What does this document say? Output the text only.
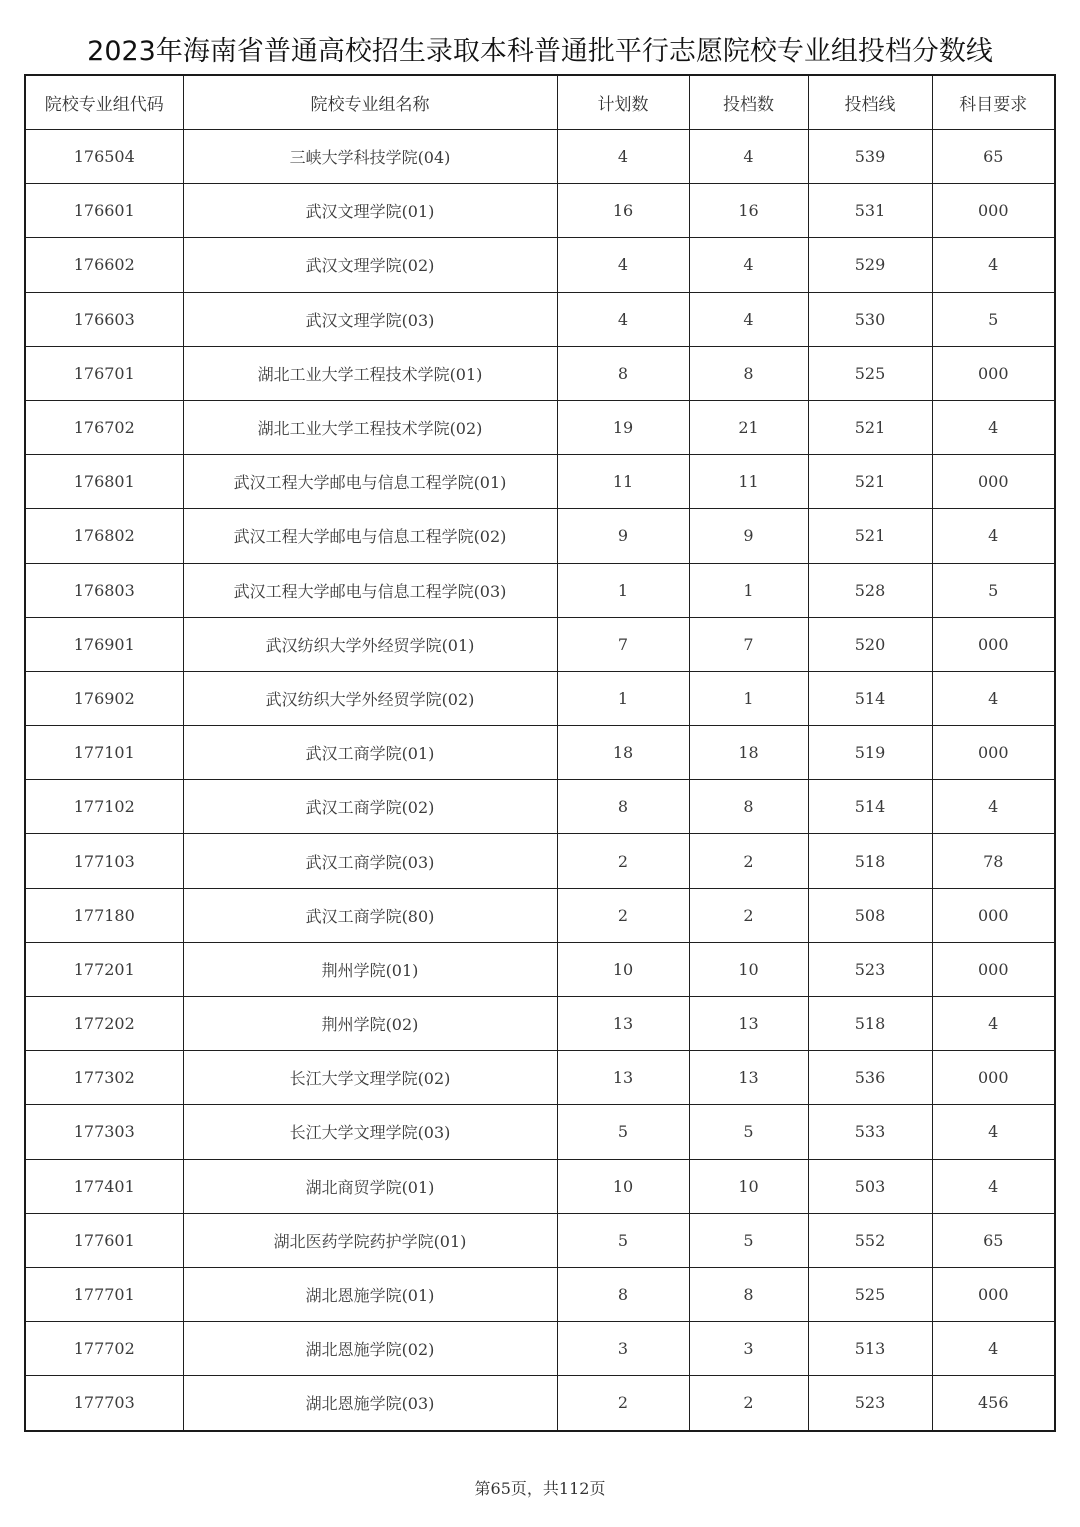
2023年海南省普通高校招生录取本科普通批平行志愿院校专业组投档分数线
院校专业组代码	院校专业组名称	计划数	投档数	投档线	科目要求
176504	三峡大学科技学院(04)	4	4	539	65
176601	武汉文理学院(01)	16	16	531	000
176602	武汉文理学院(02)	4	4	529	4
176603	武汉文理学院(03)	4	4	530	5
176701	湖北工业大学工程技术学院(01)	8	8	525	000
176702	湖北工业大学工程技术学院(02)	19	21	521	4
176801	武汉工程大学邮电与信息工程学院(01)	11	11	521	000
176802	武汉工程大学邮电与信息工程学院(02)	9	9	521	4
176803	武汉工程大学邮电与信息工程学院(03)	1	1	528	5
176901	武汉纺织大学外经贸学院(01)	7	7	520	000
176902	武汉纺织大学外经贸学院(02)	1	1	514	4
177101	武汉工商学院(01)	18	18	519	000
177102	武汉工商学院(02)	8	8	514	4
177103	武汉工商学院(03)	2	2	518	78
177180	武汉工商学院(80)	2	2	508	000
177201	荆州学院(01)	10	10	523	000
177202	荆州学院(02)	13	13	518	4
177302	长江大学文理学院(02)	13	13	536	000
177303	长江大学文理学院(03)	5	5	533	4
177401	湖北商贸学院(01)	10	10	503	4
177601	湖北医药学院药护学院(01)	5	5	552	65
177701	湖北恩施学院(01)	8	8	525	000
177702	湖北恩施学院(02)	3	3	513	4
177703	湖北恩施学院(03)	2	2	523	456
第65页，共112页
